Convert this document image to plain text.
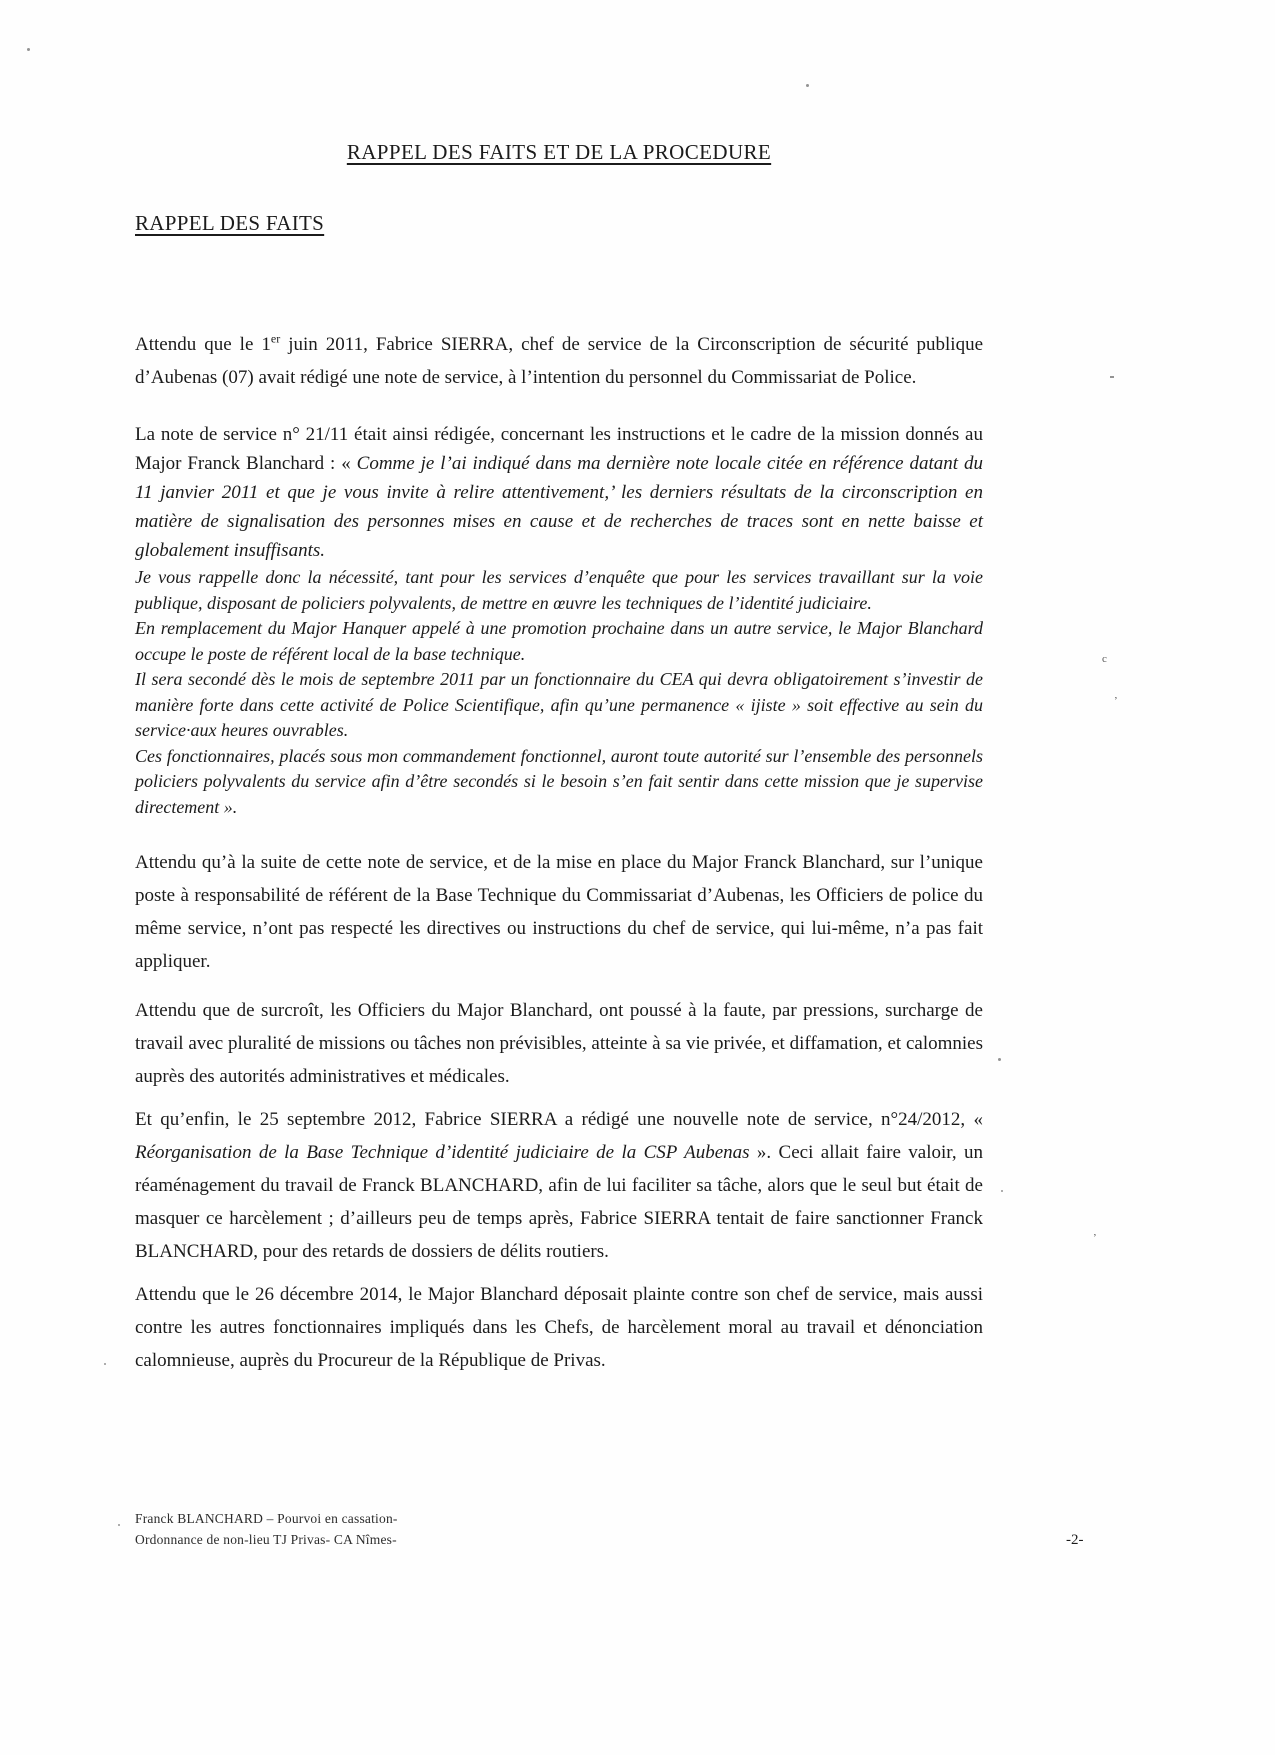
RAPPEL DES FAITS ET DE LA PROCEDURE
RAPPEL DES FAITS

Attendu que le 1er juin 2011, Fabrice SIERRA, chef de service de la Circonscription de sécurité publique d’Aubenas (07) avait rédigé une note de service, à l’intention du personnel du Commissariat de Police.

La note de service n° 21/11 était ainsi rédigée, concernant les instructions et le cadre de la mission donnés au Major Franck Blanchard : « Comme je l’ai indiqué dans ma dernière note locale citée en référence datant du 11 janvier 2011 et que je vous invite à relire attentivement,’ les derniers résultats de la circonscription en matière de signalisation des personnes mises en cause et de recherches de traces sont en nette baisse et globalement insuffisants.

Je vous rappelle donc la nécessité, tant pour les services d’enquête que pour les services travaillant sur la voie publique, disposant de policiers polyvalents, de mettre en œuvre les techniques de l’identité judiciaire.

En remplacement du Major Hanquer appelé à une promotion prochaine dans un autre service, le Major Blanchard occupe le poste de référent local de la base technique.

Il sera secondé dès le mois de septembre 2011 par un fonctionnaire du CEA qui devra obligatoirement s’investir de manière forte dans cette activité de Police Scientifique, afin qu’une permanence « ijiste » soit effective au sein du service·aux heures ouvrables.

Ces fonctionnaires, placés sous mon commandement fonctionnel, auront toute autorité sur l’ensemble des personnels policiers polyvalents du service afin d’être secondés si le besoin s’en fait sentir dans cette mission que je supervise directement ».

Attendu qu’à la suite de cette note de service, et de la mise en place du Major Franck Blanchard, sur l’unique poste à responsabilité de référent de la Base Technique du Commissariat d’Aubenas, les Officiers de police du même service, n’ont pas respecté les directives ou instructions du chef de service, qui lui-même, n’a pas fait appliquer.

Attendu que de surcroît, les Officiers du Major Blanchard, ont poussé à la faute, par pressions, surcharge de travail avec pluralité de missions ou tâches non prévisibles, atteinte à sa vie privée, et diffamation, et calomnies auprès des autorités administratives et médicales.

Et qu’enfin, le 25 septembre 2012, Fabrice SIERRA a rédigé une nouvelle note de service, n°24/2012, « Réorganisation de la Base Technique d’identité judiciaire de la CSP Aubenas ». Ceci allait faire valoir, un réaménagement du travail de Franck BLANCHARD, afin de lui faciliter sa tâche, alors que le seul but était de masquer ce harcèlement ; d’ailleurs peu de temps après, Fabrice SIERRA tentait de faire sanctionner Franck BLANCHARD, pour des retards de dossiers de délits routiers.

Attendu que le 26 décembre 2014, le Major Blanchard déposait plainte contre son chef de service, mais aussi contre les autres fonctionnaires impliqués dans les Chefs, de harcèlement moral au travail et dénonciation calomnieuse, auprès du Procureur de la République de Privas.

Franck BLANCHARD – Pourvoi en cassation-
Ordonnance de non-lieu TJ Privas- CA Nîmes-	-2-
c
’
’
